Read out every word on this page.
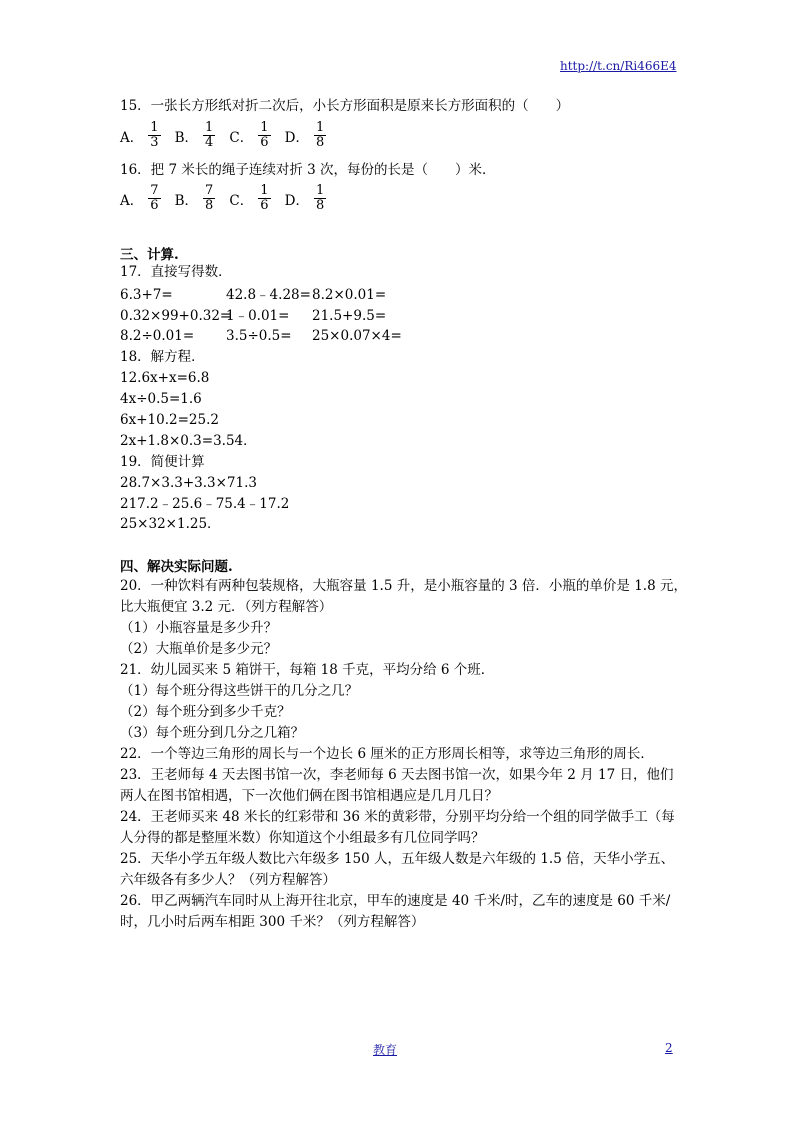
http://t.cn/Ri466E4
15．一张长方形纸对折二次后，小长方形面积是原来长方形面积的（　　）
A． $\frac{1}{3}$ B． $\frac{1}{4}$ C． $\frac{1}{6}$ D． $\frac{1}{8}$
16．把 7 米长的绳子连续对折 3 次，每份的长是（　　）米．
A． $\frac{7}{6}$ B． $\frac{7}{8}$ C． $\frac{1}{6}$ D． $\frac{1}{8}$
三、计算.
17．直接写得数．
6.3+7=	42.8﹣4.28= 8.2×0.01=
0.32×99+0.32=
1﹣0.01= 21.5+9.5=
8.2÷0.01= 3.5÷0.5= 25×0.07×4=
18．解方程．
12.6x+x=6.8
4x÷0.5=1.6
6x+10.2=25.2
2x+1.8×0.3=3.54．
19．简便计算
28.7×3.3+3.3×71.3
217.2﹣25.6﹣75.4﹣17.2
25×32×1.25．
四、解决实际问题.
20．一种饮料有两种包装规格，大瓶容量 1.5 升，是小瓶容量的 3 倍．小瓶的单价是 1.8 元，
比大瓶便宜 3.2 元．（列方程解答）
（1）小瓶容量是多少升？
（2）大瓶单价是多少元？
21．幼儿园买来 5 箱饼干，每箱 18 千克，平均分给 6 个班．
（1）每个班分得这些饼干的几分之几？
（2）每个班分到多少千克？
（3）每个班分到几分之几箱？
22．一个等边三角形的周长与一个边长 6 厘米的正方形周长相等，求等边三角形的周长．
23．王老师每 4 天去图书馆一次，李老师每 6 天去图书馆一次，如果今年 2 月 17 日，他们
两人在图书馆相遇，下一次他们俩在图书馆相遇应是几月几日？
24．王老师买来 48 米长的红彩带和 36 米的黄彩带，分别平均分给一个组的同学做手工（每
人分得的都是整厘米数）你知道这个小组最多有几位同学吗？
25．天华小学五年级人数比六年级多 150 人，五年级人数是六年级的 1.5 倍，天华小学五、
六年级各有多少人？（列方程解答）
26．甲乙两辆汽车同时从上海开往北京，甲车的速度是 40 千米/时，乙车的速度是 60 千米/
时，几小时后两车相距 300 千米？（列方程解答）
教育	2
